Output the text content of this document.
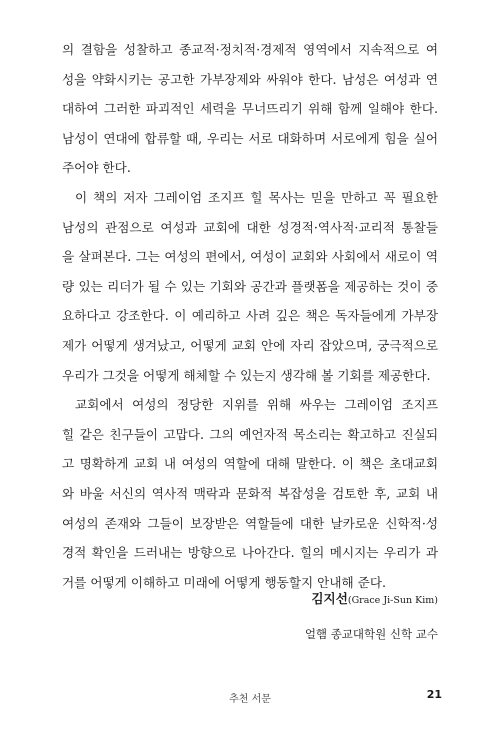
의 결함을 성찰하고 종교적·정치적·경제적 영역에서 지속적으로 여
성을 약화시키는 공고한 가부장제와 싸워야 한다. 남성은 여성과 연
대하여 그러한 파괴적인 세력을 무너뜨리기 위해 함께 일해야 한다.
남성이 연대에 합류할 때, 우리는 서로 대화하며 서로에게 힘을 실어
주어야 한다.
이 책의 저자 그레이엄 조지프 힐 목사는 믿을 만하고 꼭 필요한
남성의 관점으로 여성과 교회에 대한 성경적·역사적·교리적 통찰들
을 살펴본다. 그는 여성의 편에서, 여성이 교회와 사회에서 새로이 역
량 있는 리더가 될 수 있는 기회와 공간과 플랫폼을 제공하는 것이 중
요하다고 강조한다. 이 예리하고 사려 깊은 책은 독자들에게 가부장
제가 어떻게 생겨났고, 어떻게 교회 안에 자리 잡았으며, 궁극적으로
우리가 그것을 어떻게 해체할 수 있는지 생각해 볼 기회를 제공한다.
교회에서 여성의 정당한 지위를 위해 싸우는 그레이엄 조지프
힐 같은 친구들이 고맙다. 그의 예언자적 목소리는 확고하고 진실되
고 명확하게 교회 내 여성의 역할에 대해 말한다. 이 책은 초대교회
와 바울 서신의 역사적 맥락과 문화적 복잡성을 검토한 후, 교회 내
여성의 존재와 그들이 보장받은 역할들에 대한 날카로운 신학적·성
경적 확인을 드러내는 방향으로 나아간다. 힐의 메시지는 우리가 과
거를 어떻게 이해하고 미래에 어떻게 행동할지 안내해 준다.
김지선(Grace Ji-Sun Kim)
얼햄 종교대학원 신학 교수
추천 서문	21
